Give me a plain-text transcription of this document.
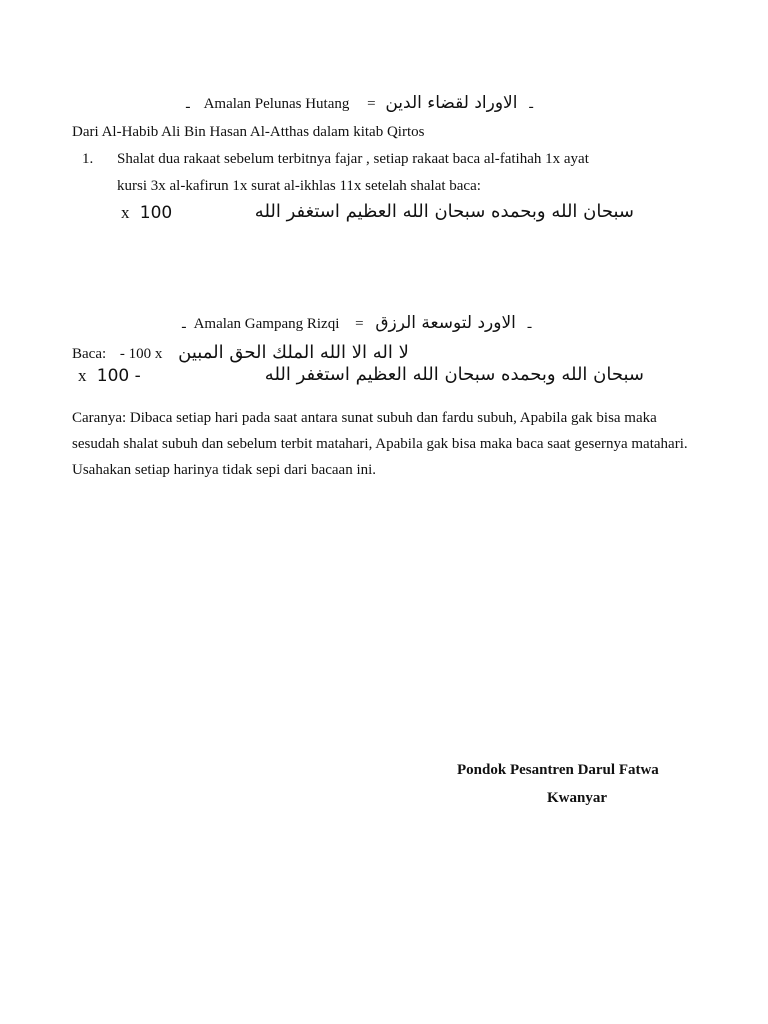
ـ Amalan Pelunas Hutang = الاوراد لقضاء الدين ـ
Dari Al-Habib Ali Bin Hasan Al-Atthas dalam kitab Qirtos
1. Shalat dua rakaat sebelum terbitnya fajar , setiap rakaat baca al-fatihah 1x ayat
kursi 3x al-kafirun 1x surat al-ikhlas 11x setelah shalat baca:
x 100	سبحان الله وبحمده سبحان الله العظيم استغفر الله
ـ Amalan Gampang Rizqi = الاورد لتوسعة الرزق ـ
Baca: - 100 x لا اله الا الله الملك الحق المبين
x 100 -	سبحان الله وبحمده سبحان الله العظيم استغفر الله
Caranya: Dibaca setiap hari pada saat antara sunat subuh dan fardu subuh, Apabila gak bisa maka sesudah shalat subuh dan sebelum terbit matahari, Apabila gak bisa maka baca saat gesernya matahari. Usahakan setiap harinya tidak sepi dari bacaan ini.
Pondok Pesantren Darul Fatwa
Kwanyar
